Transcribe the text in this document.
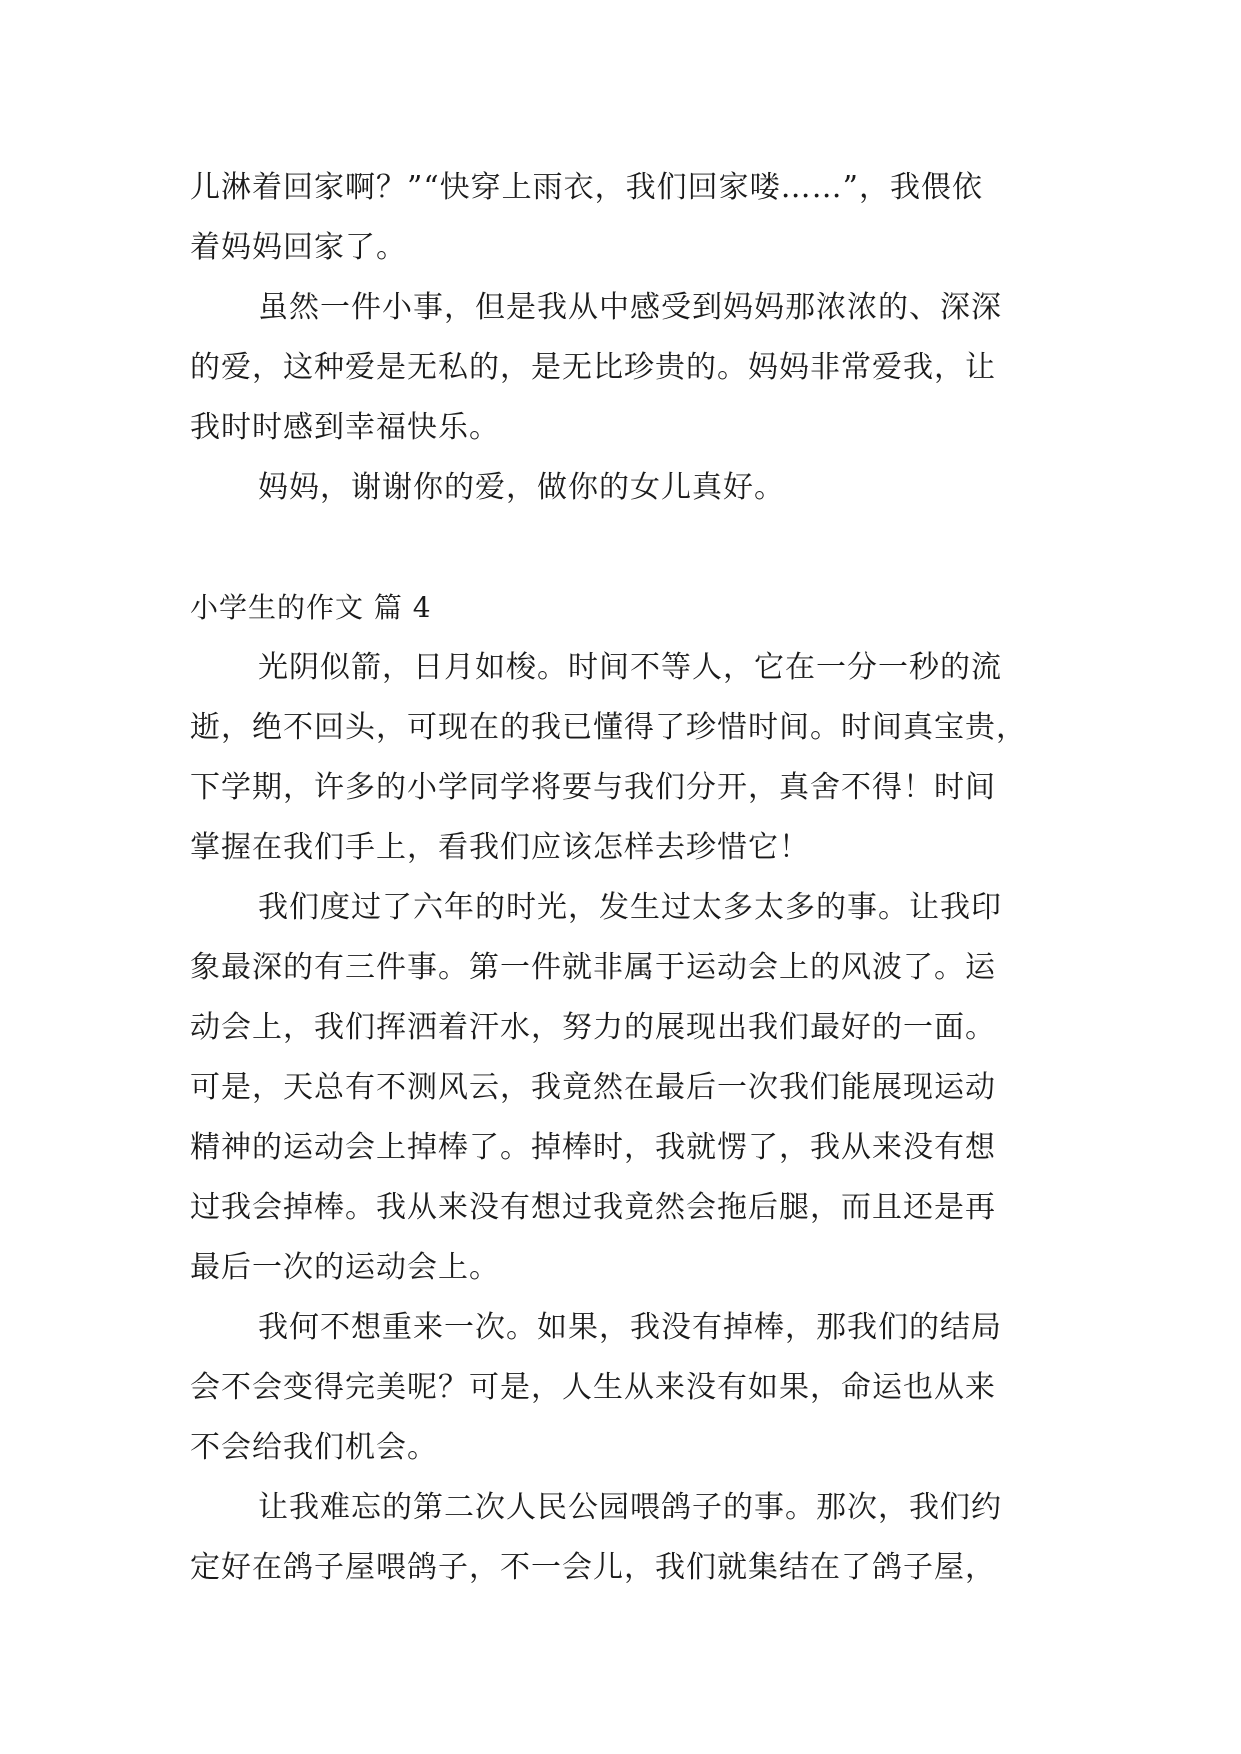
儿淋着回家啊？”“快穿上雨衣，我们回家喽……”，我偎依
着妈妈回家了。
虽然一件小事，但是我从中感受到妈妈那浓浓的、深深
的爱，这种爱是无私的，是无比珍贵的。妈妈非常爱我，让
我时时感到幸福快乐。
妈妈，谢谢你的爱，做你的女儿真好。
小学生的作文 篇 4
光阴似箭，日月如梭。时间不等人，它在一分一秒的流
逝，绝不回头，可现在的我已懂得了珍惜时间。时间真宝贵，
下学期，许多的小学同学将要与我们分开，真舍不得！时间
掌握在我们手上，看我们应该怎样去珍惜它！
我们度过了六年的时光，发生过太多太多的事。让我印
象最深的有三件事。第一件就非属于运动会上的风波了。运
动会上，我们挥洒着汗水，努力的展现出我们最好的一面。
可是，天总有不测风云，我竟然在最后一次我们能展现运动
精神的运动会上掉棒了。掉棒时，我就愣了，我从来没有想
过我会掉棒。我从来没有想过我竟然会拖后腿，而且还是再
最后一次的运动会上。
我何不想重来一次。如果，我没有掉棒，那我们的结局
会不会变得完美呢？可是，人生从来没有如果，命运也从来
不会给我们机会。
让我难忘的第二次人民公园喂鸽子的事。那次，我们约
定好在鸽子屋喂鸽子，不一会儿，我们就集结在了鸽子屋，
